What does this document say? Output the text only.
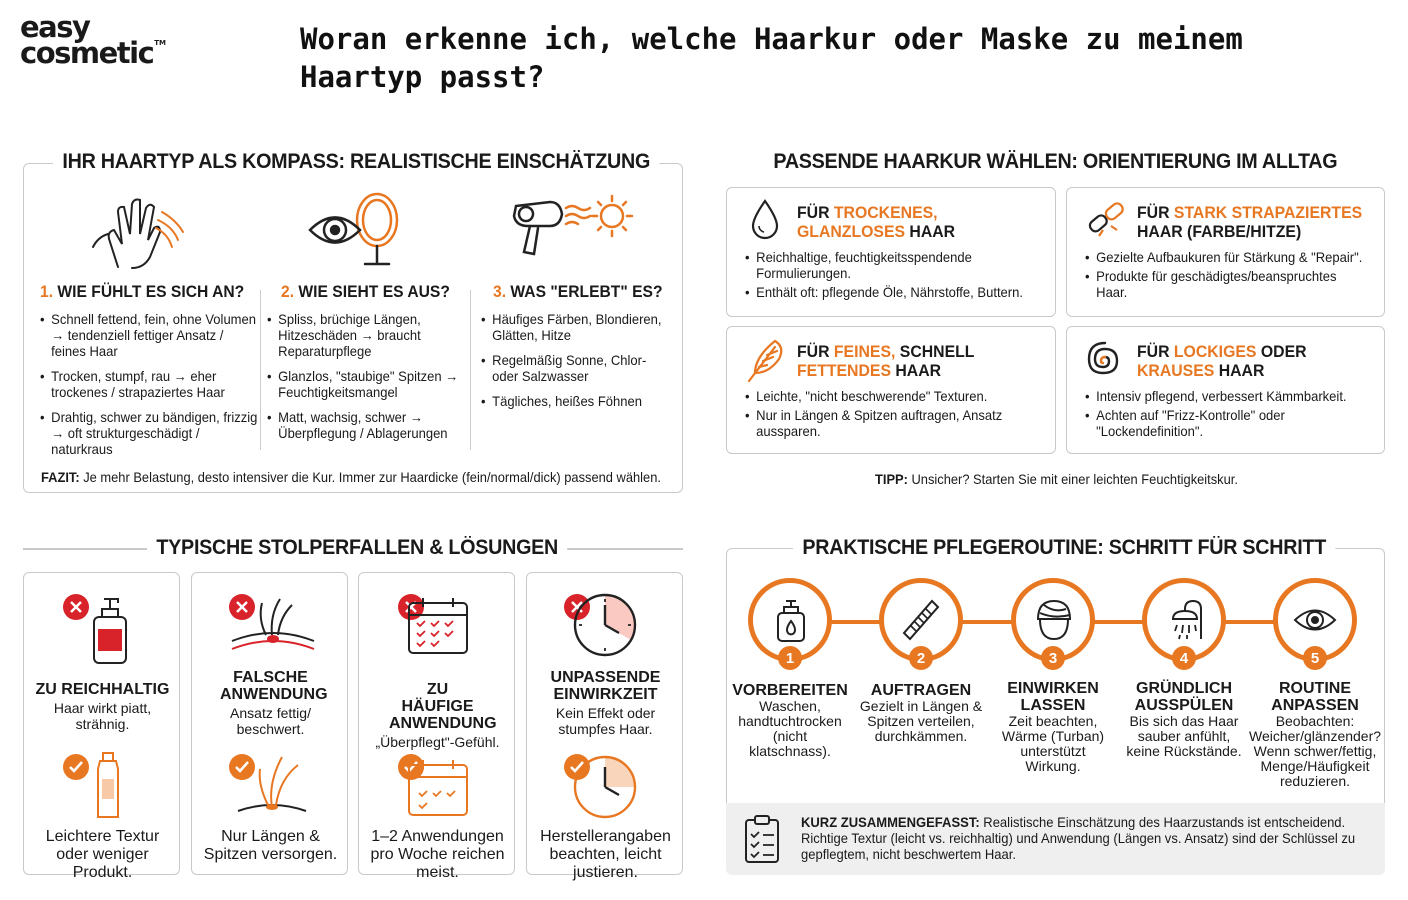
easy
cosmetic™	Woran erkenne ich, welche Haarkur oder Maske zu meinem Haartyp passt?
IHR HAARTYP ALS KOMPASS: REALISTISCHE EINSCHÄTZUNG
1. WIE FÜHLT ES SICH AN?
• Schnell fettend, fein, ohne Volumen → tendenziell fettiger Ansatz / feines Haar
• Trocken, stumpf, rau → eher trockenes / strapaziertes Haar
• Drahtig, schwer zu bändigen, frizzig → oft strukturgeschädigt / naturkraus
2. WIE SIEHT ES AUS?
• Spliss, brüchige Längen, Hitzeschäden → braucht Reparaturpflege
• Glanzlos, "staubige" Spitzen → Feuchtigkeitsmangel
• Matt, wachsig, schwer → Überpflegung / Ablagerungen
3. WAS "ERLEBT" ES?
• Häufiges Färben, Blondieren, Glätten, Hitze
• Regelmäßig Sonne, Chlor- oder Salzwasser
• Tägliches, heißes Föhnen
FAZIT: Je mehr Belastung, desto intensiver die Kur. Immer zur Haardicke (fein/normal/dick) passend wählen.
PASSENDE HAARKUR WÄHLEN: ORIENTIERUNG IM ALLTAG
FÜR TROCKENES,
GLANZLOSES HAAR
• Reichhaltige, feuchtigkeitsspendende Formulierungen.
• Enthält oft: pflegende Öle, Nährstoffe, Buttern.
FÜR STARK STRAPAZIERTES
HAAR (FARBE/HITZE)
• Gezielte Aufbaukuren für Stärkung & "Repair".
• Produkte für geschädigtes/beanspruchtes Haar.
FÜR FEINES, SCHNELL
FETTENDES HAAR
• Leichte, "nicht beschwerende" Texturen.
• Nur in Längen & Spitzen auftragen, Ansatz aussparen.
FÜR LOCKIGES ODER
KRAUSES HAAR
• Intensiv pflegend, verbessert Kämmbarkeit.
• Achten auf "Frizz-Kontrolle" oder "Lockendefinition".
TIPP: Unsicher? Starten Sie mit einer leichten Feuchtigkeitskur.
TYPISCHE STOLPERFALLEN & LÖSUNGEN
ZU REICHHALTIG
Haar wirkt piatt, strähnig.
Leichtere Textur oder weniger Produkt.
FALSCHE ANWENDUNG
Ansatz fettig/ beschwert.
Nur Längen & Spitzen versorgen.
ZU HÄUFIGE ANWENDUNG
„Überpflegt"-Gefühl.
1–2 Anwendungen pro Woche reichen meist.
UNPASSENDE EINWIRKZEIT
Kein Effekt oder stumpfes Haar.
Herstellerangaben beachten, leicht justieren.
PRAKTISCHE PFLEGEROUTINE: SCHRITT FÜR SCHRITT
1
VORBEREITEN
Waschen, handtuchtrocken (nicht klatschnass).
2
AUFTRAGEN
Gezielt in Längen & Spitzen verteilen, durchkämmen.
3
EINWIRKEN LASSEN
Zeit beachten, Wärme (Turban) unterstützt Wirkung.
4
GRÜNDLICH AUSSPÜLEN
Bis sich das Haar sauber anfühlt, keine Rückstände.
5
ROUTINE ANPASSEN
Beobachten: Weicher/glänzender? Wenn schwer/fettig, Menge/Häufigkeit reduzieren.
KURZ ZUSAMMENGEFASST: Realistische Einschätzung des Haarzustands ist entscheidend. Richtige Textur (leicht vs. reichhaltig) und Anwendung (Längen vs. Ansatz) sind der Schlüssel zu gepflegtem, nicht beschwertem Haar.
